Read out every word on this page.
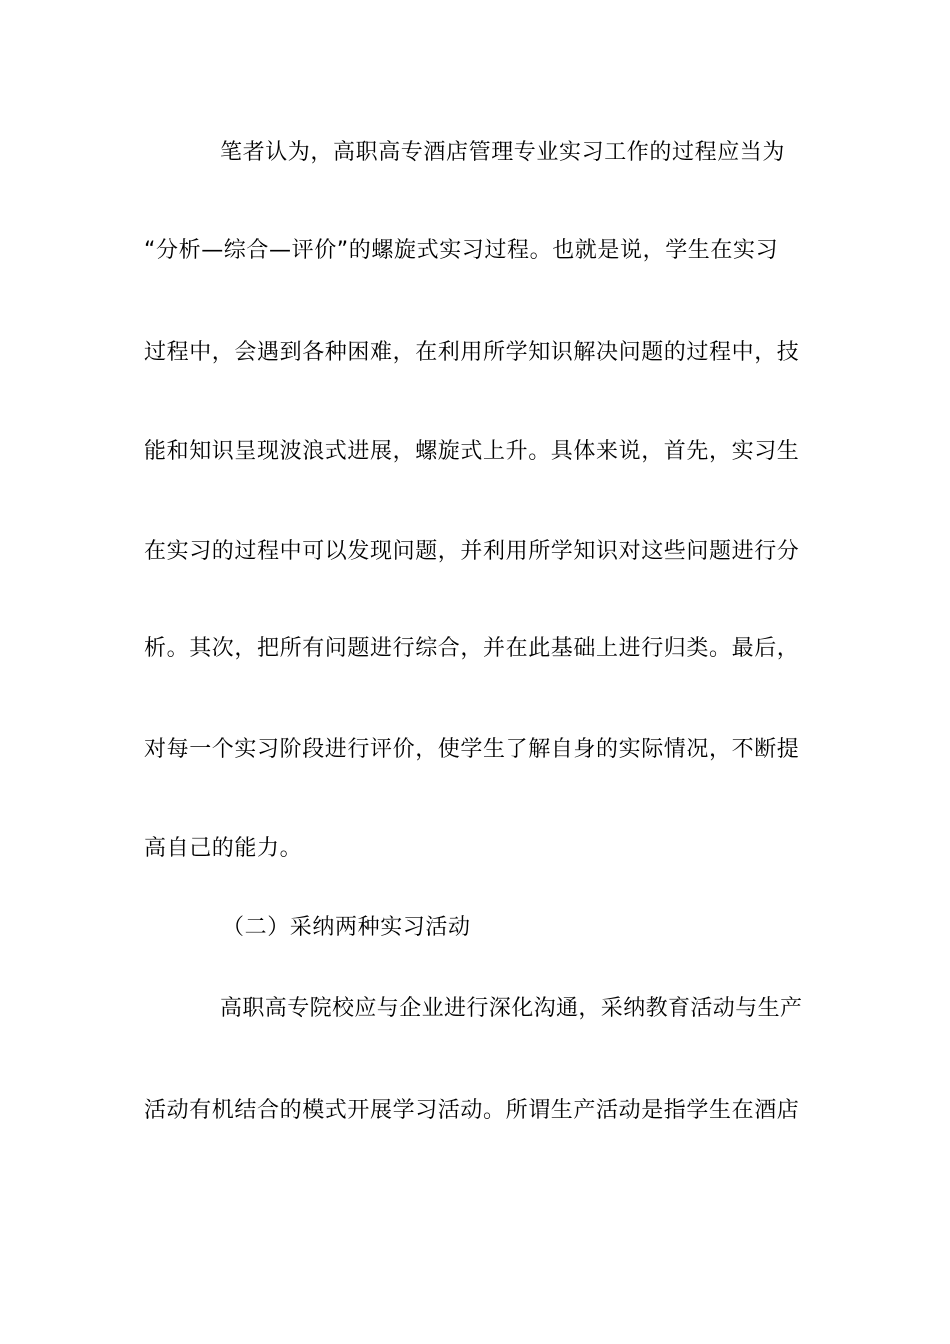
笔者认为，高职高专酒店管理专业实习工作的过程应当为
“分析—综合—评价”的螺旋式实习过程。也就是说，学生在实习
过程中，会遇到各种困难，在利用所学知识解决问题的过程中，技
能和知识呈现波浪式进展，螺旋式上升。具体来说，首先，实习生
在实习的过程中可以发现问题，并利用所学知识对这些问题进行分
析。其次，把所有问题进行综合，并在此基础上进行归类。最后，
对每一个实习阶段进行评价，使学生了解自身的实际情况，不断提
高自己的能力。
（二）采纳两种实习活动
高职高专院校应与企业进行深化沟通，采纳教育活动与生产
活动有机结合的模式开展学习活动。所谓生产活动是指学生在酒店
